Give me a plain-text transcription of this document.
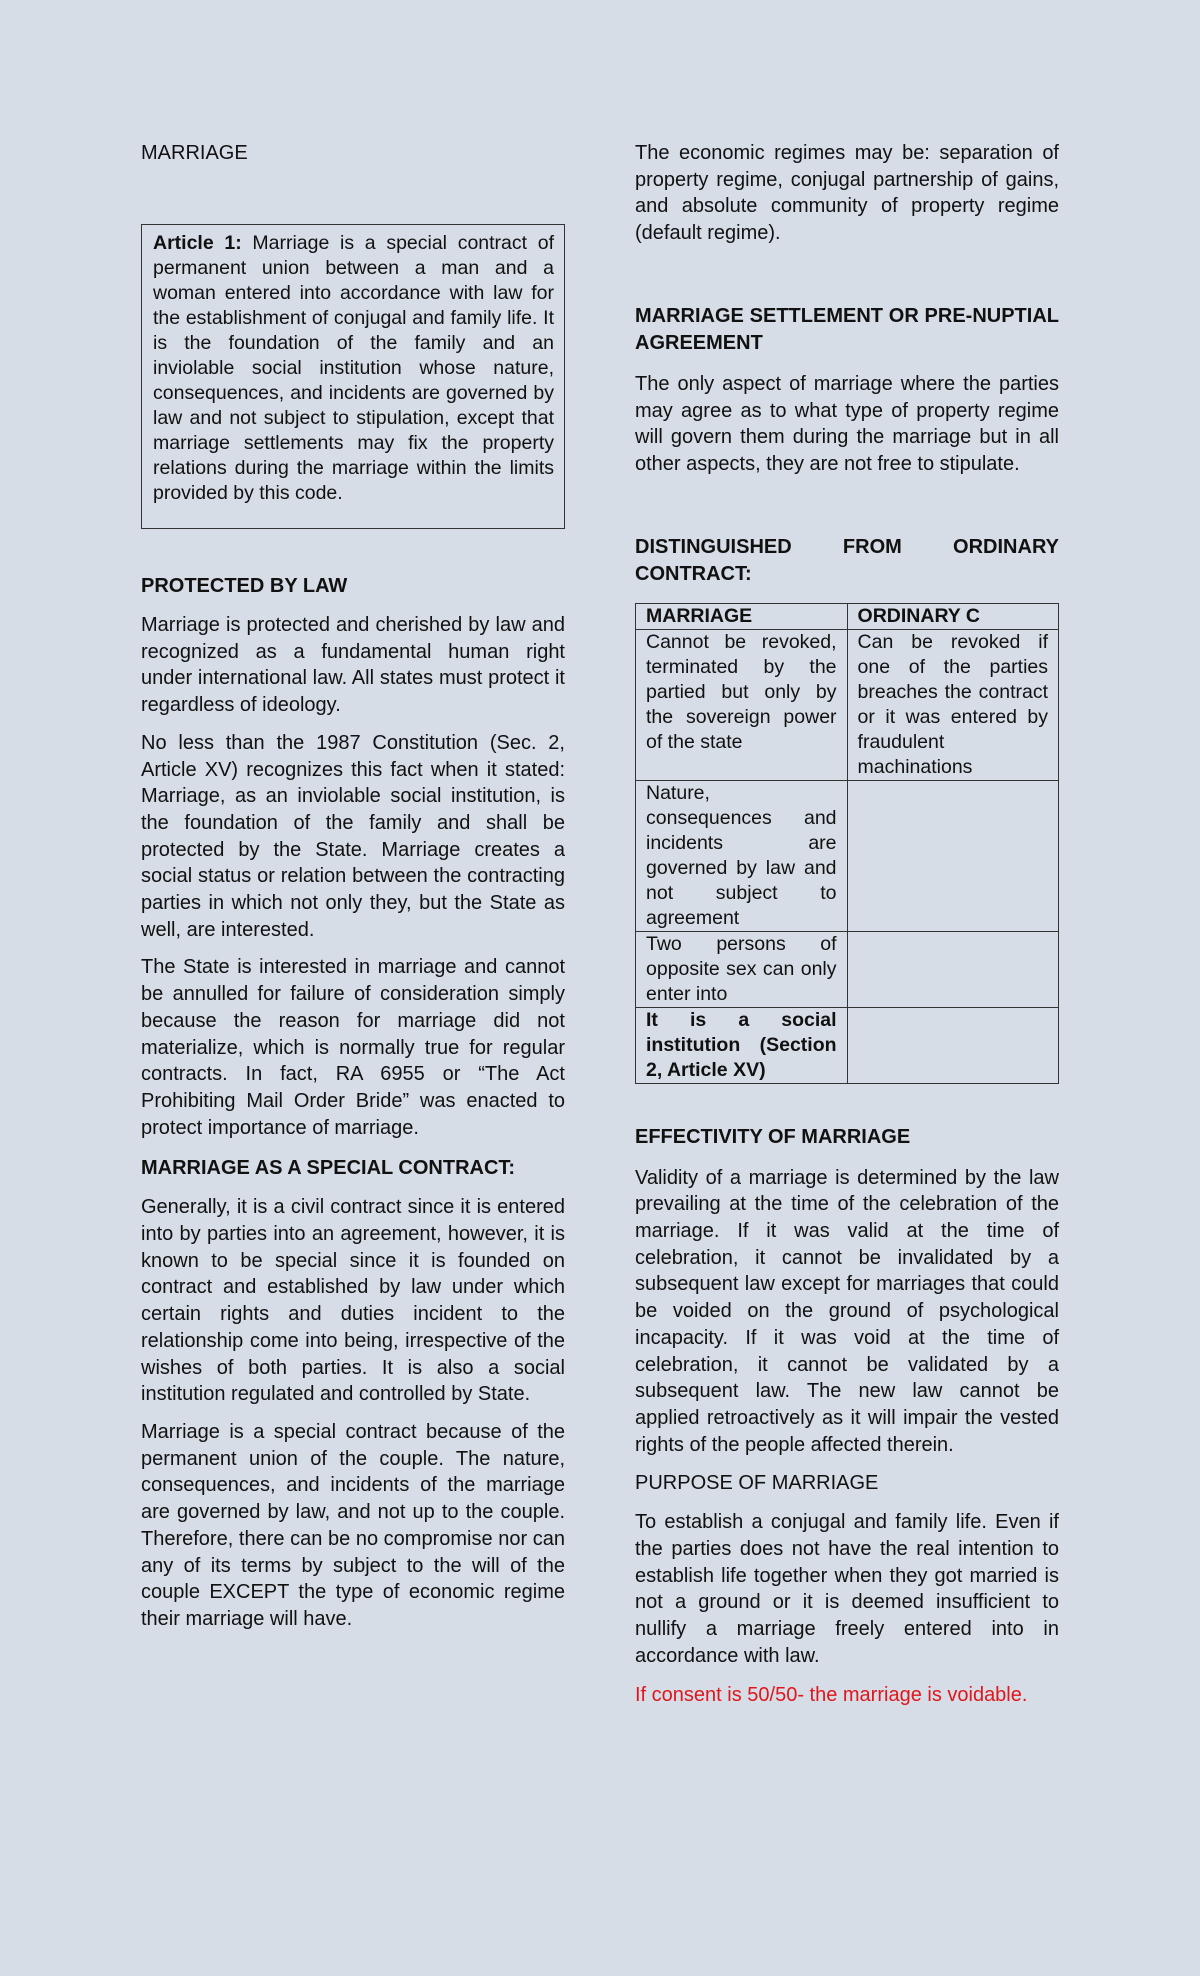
MARRIAGE
Article 1: Marriage is a special contract of permanent union between a man and a woman entered into accordance with law for the establishment of conjugal and family life. It is the foundation of the family and an inviolable social institution whose nature, consequences, and incidents are governed by law and not subject to stipulation, except that marriage settlements may fix the property relations during the marriage within the limits provided by this code.
PROTECTED BY LAW

Marriage is protected and cherished by law and recognized as a fundamental human right under international law. All states must protect it regardless of ideology.

No less than the 1987 Constitution (Sec. 2, Article XV) recognizes this fact when it stated: Marriage, as an inviolable social institution, is the foundation of the family and shall be protected by the State. Marriage creates a social status or relation between the contracting parties in which not only they, but the State as well, are interested.

The State is interested in marriage and cannot be annulled for failure of consideration simply because the reason for marriage did not materialize, which is normally true for regular contracts. In fact, RA 6955 or “The Act Prohibiting Mail Order Bride” was enacted to protect importance of marriage.

MARRIAGE AS A SPECIAL CONTRACT:

Generally, it is a civil contract since it is entered into by parties into an agreement, however, it is known to be special since it is founded on contract and established by law under which certain rights and duties incident to the relationship come into being, irrespective of the wishes of both parties. It is also a social institution regulated and controlled by State.

Marriage is a special contract because of the permanent union of the couple. The nature, consequences, and incidents of the marriage are governed by law, and not up to the couple. Therefore, there can be no compromise nor can any of its terms by subject to the will of the couple EXCEPT the type of economic regime their marriage will have.

The economic regimes may be: separation of property regime, conjugal partnership of gains, and absolute community of property regime (default regime).

MARRIAGE SETTLEMENT OR PRE-NUPTIAL AGREEMENT

The only aspect of marriage where the parties may agree as to what type of property regime will govern them during the marriage but in all other aspects, they are not free to stipulate.

DISTINGUISHED FROM ORDINARY CONTRACT:
MARRIAGE	ORDINARY C
Cannot be revoked, terminated by the partied but only by the sovereign power of the state	Can be revoked if one of the parties breaches the contract or it was entered by fraudulent machinations
Nature, consequences and incidents are governed by law and not subject to agreement	
Two persons of opposite sex can only enter into	
It is a social institution (Section 2, Article XV)	
EFFECTIVITY OF MARRIAGE

Validity of a marriage is determined by the law prevailing at the time of the celebration of the marriage. If it was valid at the time of celebration, it cannot be invalidated by a subsequent law except for marriages that could be voided on the ground of psychological incapacity. If it was void at the time of celebration, it cannot be validated by a subsequent law. The new law cannot be applied retroactively as it will impair the vested rights of the people affected therein.

PURPOSE OF MARRIAGE

To establish a conjugal and family life. Even if the parties does not have the real intention to establish life together when they got married is not a ground or it is deemed insufficient to nullify a marriage freely entered into in accordance with law.

If consent is 50/50- the marriage is voidable.
